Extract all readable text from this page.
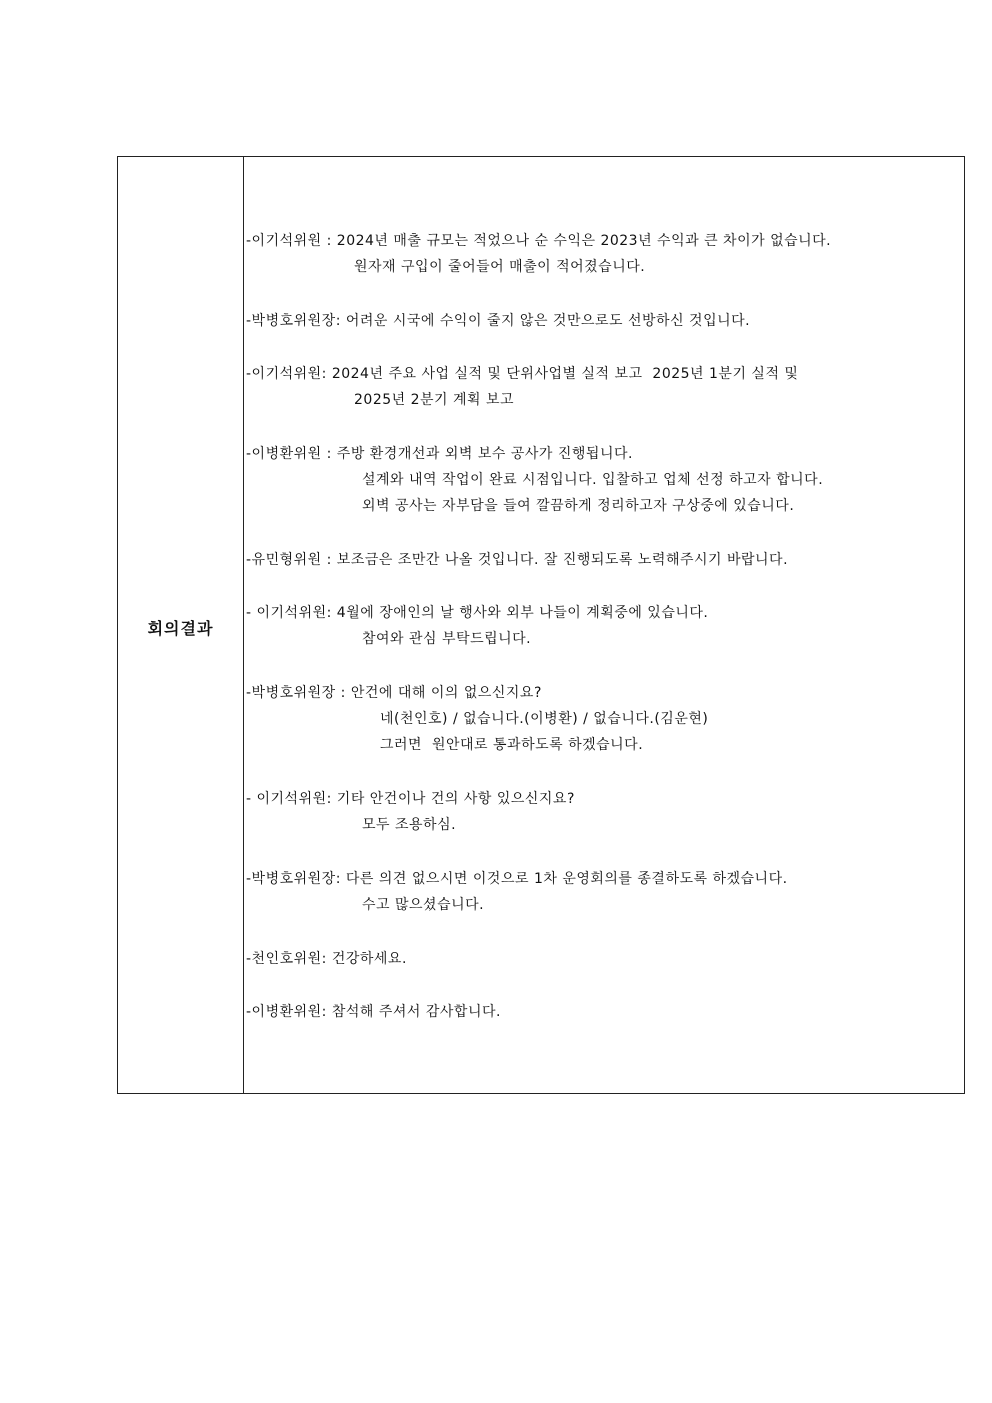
회의결과
-이기석위원 : 2024년 매출 규모는 적었으나 순 수익은 2023년 수익과 큰 차이가 없습니다.
원자재 구입이 줄어들어 매출이 적어졌습니다.
-박병호위원장: 어려운 시국에 수익이 줄지 않은 것만으로도 선방하신 것입니다.
-이기석위원: 2024년 주요 사업 실적 및 단위사업별 실적 보고  2025년 1분기 실적 및
2025년 2분기 계획 보고
-이병환위원 : 주방 환경개선과 외벽 보수 공사가 진행됩니다.
설계와 내역 작업이 완료 시점입니다. 입찰하고 업체 선정 하고자 합니다.
외벽 공사는 자부담을 들여 깔끔하게 정리하고자 구상중에 있습니다.
-유민형위원 : 보조금은 조만간 나올 것입니다. 잘 진행되도록 노력해주시기 바랍니다.
- 이기석위원: 4월에 장애인의 날 행사와 외부 나들이 계획중에 있습니다.
참여와 관심 부탁드립니다.
-박병호위원장 : 안건에 대해 이의 없으신지요?
네(천인호) / 없습니다.(이병환) / 없습니다.(김운현)
그러면  원안대로 통과하도록 하겠습니다.
- 이기석위원: 기타 안건이나 건의 사항 있으신지요?
모두 조용하심.
-박병호위원장: 다른 의견 없으시면 이것으로 1차 운영회의를 종결하도록 하겠습니다.
수고 많으셨습니다.
-천인호위원: 건강하세요.
-이병환위원: 참석해 주셔서 감사합니다.
